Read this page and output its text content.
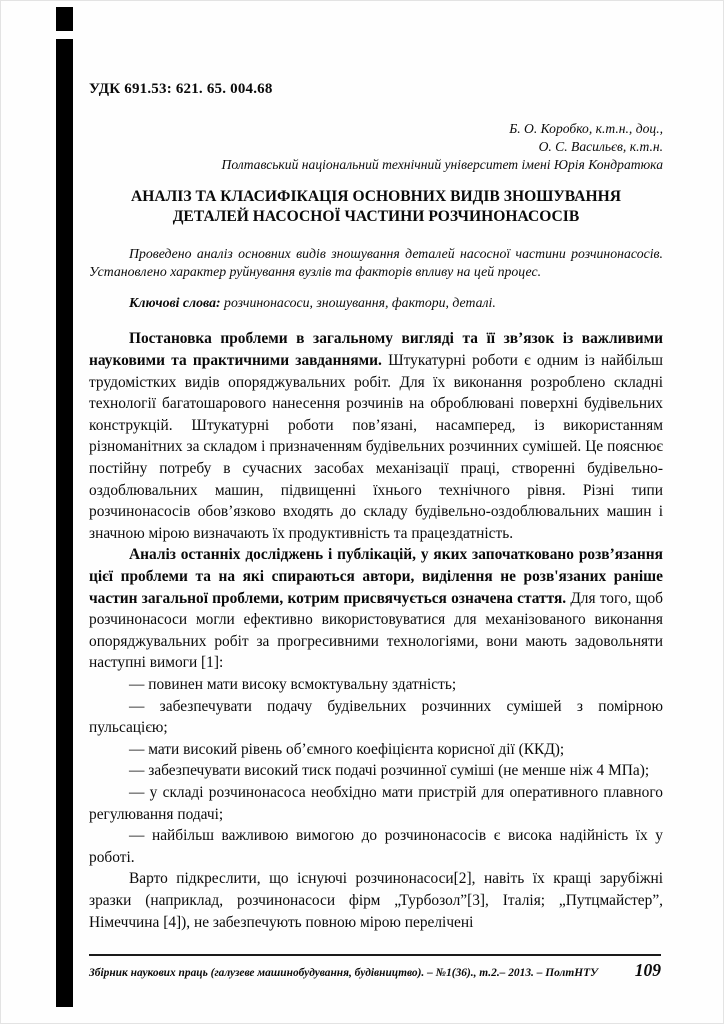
УДК 691.53: 621. 65. 004.68

Б. О. Коробко, к.т.н., доц.,

О. С. Васильєв, к.т.н.

Полтавський національний технічний університет імені Юрія Кондратюка

АНАЛІЗ ТА КЛАСИФІКАЦІЯ ОСНОВНИХ ВИДІВ ЗНОШУВАННЯ
ДЕТАЛЕЙ НАСОСНОЇ ЧАСТИНИ РОЗЧИНОНАСОСІВ

Проведено аналіз основних видів зношування деталей насосної частини розчинонасосів. Установлено характер руйнування вузлів та факторів впливу на цей процес.

Ключові слова: розчинонасоси, зношування, фактори, деталі.

Постановка проблеми в загальному вигляді та її зв’язок із важливими науковими та практичними завданнями. Штукатурні роботи є одним із найбільш трудомістких видів опоряджувальних робіт. Для їх виконання розроблено складні технології багатошарового нанесення розчинів на оброблювані поверхні будівельних конструкцій. Штукатурні роботи пов’язані, насамперед, із використанням різноманітних за складом і призначенням будівельних розчинних сумішей. Це пояснює постійну потребу в сучасних засобах механізації праці, створенні будівельно-оздоблювальних машин, підвищенні їхнього технічного рівня. Різні типи розчинонасосів обов’язково входять до складу будівельно-оздоблювальних машин і значною мірою визначають їх продуктивність та працездатність.

Аналіз останніх досліджень і публікацій, у яких започатковано розв’язання цієї проблеми та на які спираються автори, виділення не розв'язаних раніше частин загальної проблеми, котрим присвячується означена стаття. Для того, щоб розчинонасоси могли ефективно використовуватися для механізованого виконання опоряджувальних робіт за прогресивними технологіями, вони мають задовольняти наступні вимоги [1]:

— повинен мати високу всмоктувальну здатність;

— забезпечувати подачу будівельних розчинних сумішей з помірною пульсацією;

— мати високий рівень об’ємного коефіцієнта корисної дії (ККД);

— забезпечувати високий тиск подачі розчинної суміші (не менше ніж 4 МПа);

— у складі розчинонасоса необхідно мати пристрій для оперативного плавного регулювання подачі;

— найбільш важливою вимогою до розчинонасосів є висока надійність їх у роботі.

Варто підкреслити, що існуючі розчинонасоси[2], навіть їх кращі зарубіжні зразки (наприклад, розчинонасоси фірм „Турбозол”[3], Італія; „Путцмайстер”, Німеччина [4]), не забезпечують повною мірою перелічені

Збірник наукових праць (галузеве машинобудування, будівництво). – №1(36)., т.2.– 2013. – ПолтНТУ 109
